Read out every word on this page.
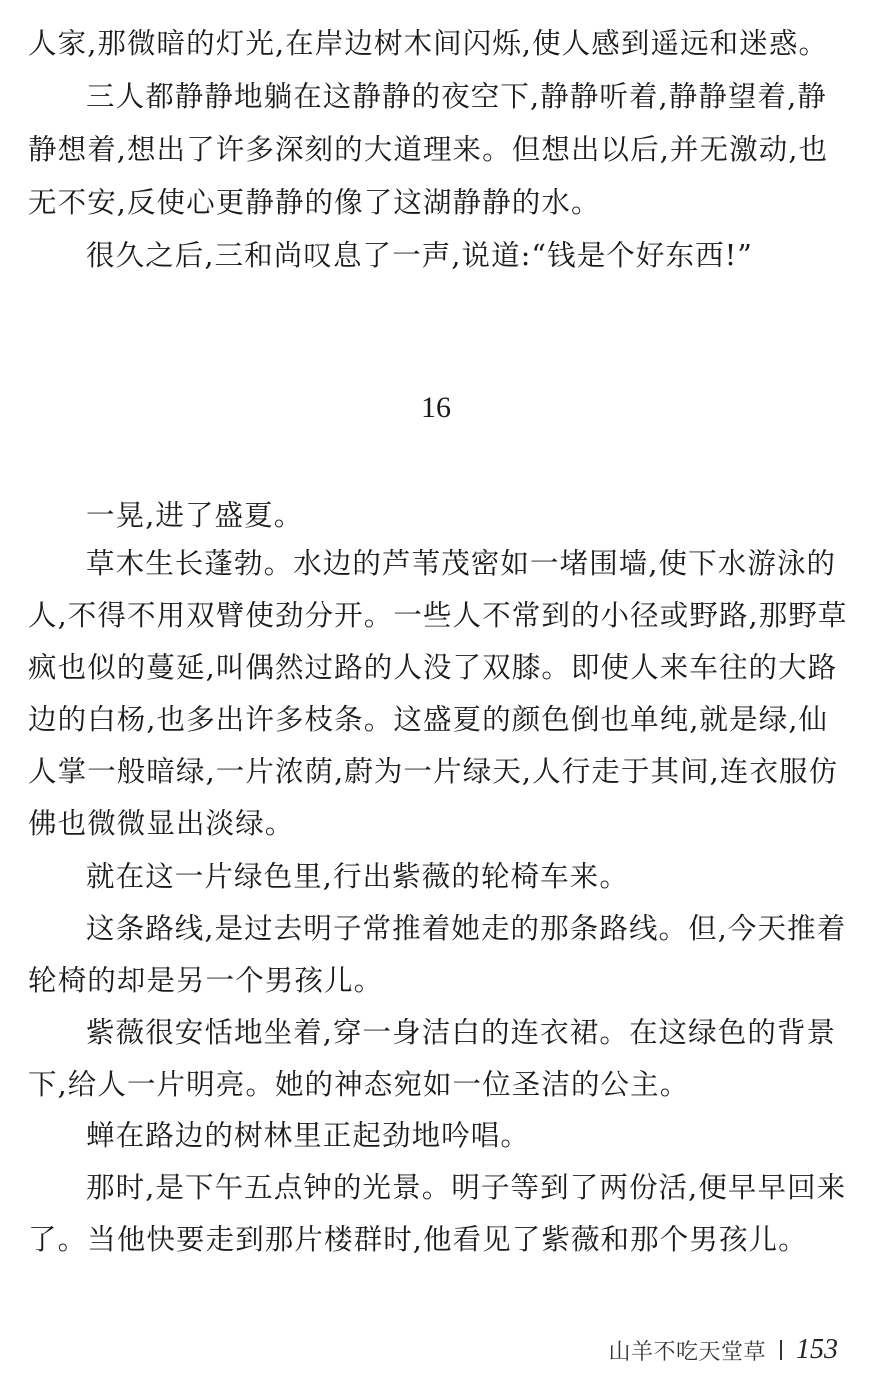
人家,那微暗的灯光,在岸边树木间闪烁,使人感到遥远和迷惑。
三人都静静地躺在这静静的夜空下,静静听着,静静望着,静
静想着,想出了许多深刻的大道理来。但想出以后,并无激动,也
无不安,反使心更静静的像了这湖静静的水。
很久之后,三和尚叹息了一声,说道:“钱是个好东西!”
16
一晃,进了盛夏。
草木生长蓬勃。水边的芦苇茂密如一堵围墙,使下水游泳的
人,不得不用双臂使劲分开。一些人不常到的小径或野路,那野草
疯也似的蔓延,叫偶然过路的人没了双膝。即使人来车往的大路
边的白杨,也多出许多枝条。这盛夏的颜色倒也单纯,就是绿,仙
人掌一般暗绿,一片浓荫,蔚为一片绿天,人行走于其间,连衣服仿
佛也微微显出淡绿。
就在这一片绿色里,行出紫薇的轮椅车来。
这条路线,是过去明子常推着她走的那条路线。但,今天推着
轮椅的却是另一个男孩儿。
紫薇很安恬地坐着,穿一身洁白的连衣裙。在这绿色的背景
下,给人一片明亮。她的神态宛如一位圣洁的公主。
蝉在路边的树林里正起劲地吟唱。
那时,是下午五点钟的光景。明子等到了两份活,便早早回来
了。当他快要走到那片楼群时,他看见了紫薇和那个男孩儿。
山羊不吃天堂草 153
